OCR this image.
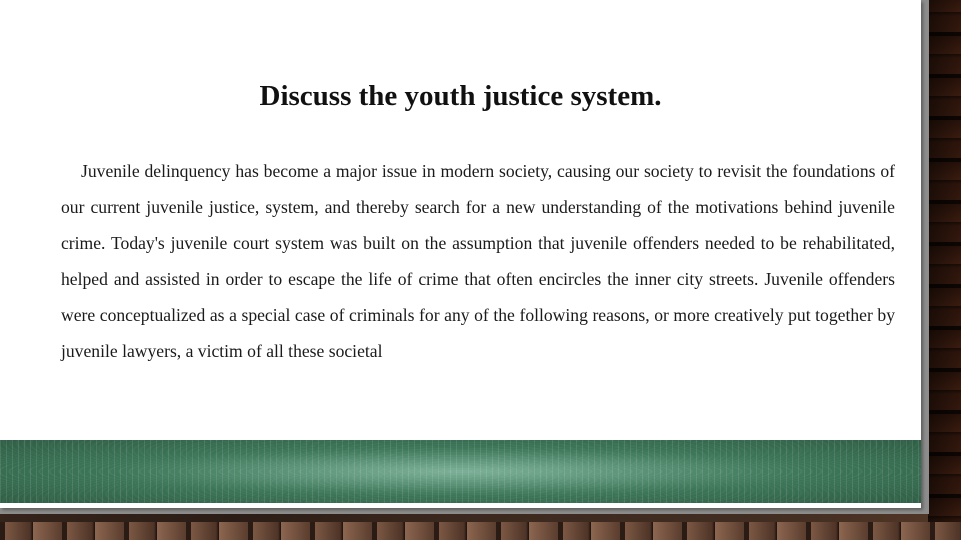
Discuss the youth justice system.

Juvenile delinquency has become a major issue in modern society, causing our society to revisit the foundations of our current juvenile justice, system, and thereby search for a new understanding of the motivations behind juvenile crime. Today's juvenile court system was built on the assumption that juvenile offenders needed to be rehabilitated, helped and assisted in order to escape the life of crime that often encircles the inner city streets. Juvenile offenders were conceptualized as a special case of criminals for any of the following reasons, or more creatively put together by juvenile lawyers, a victim of all these societal
